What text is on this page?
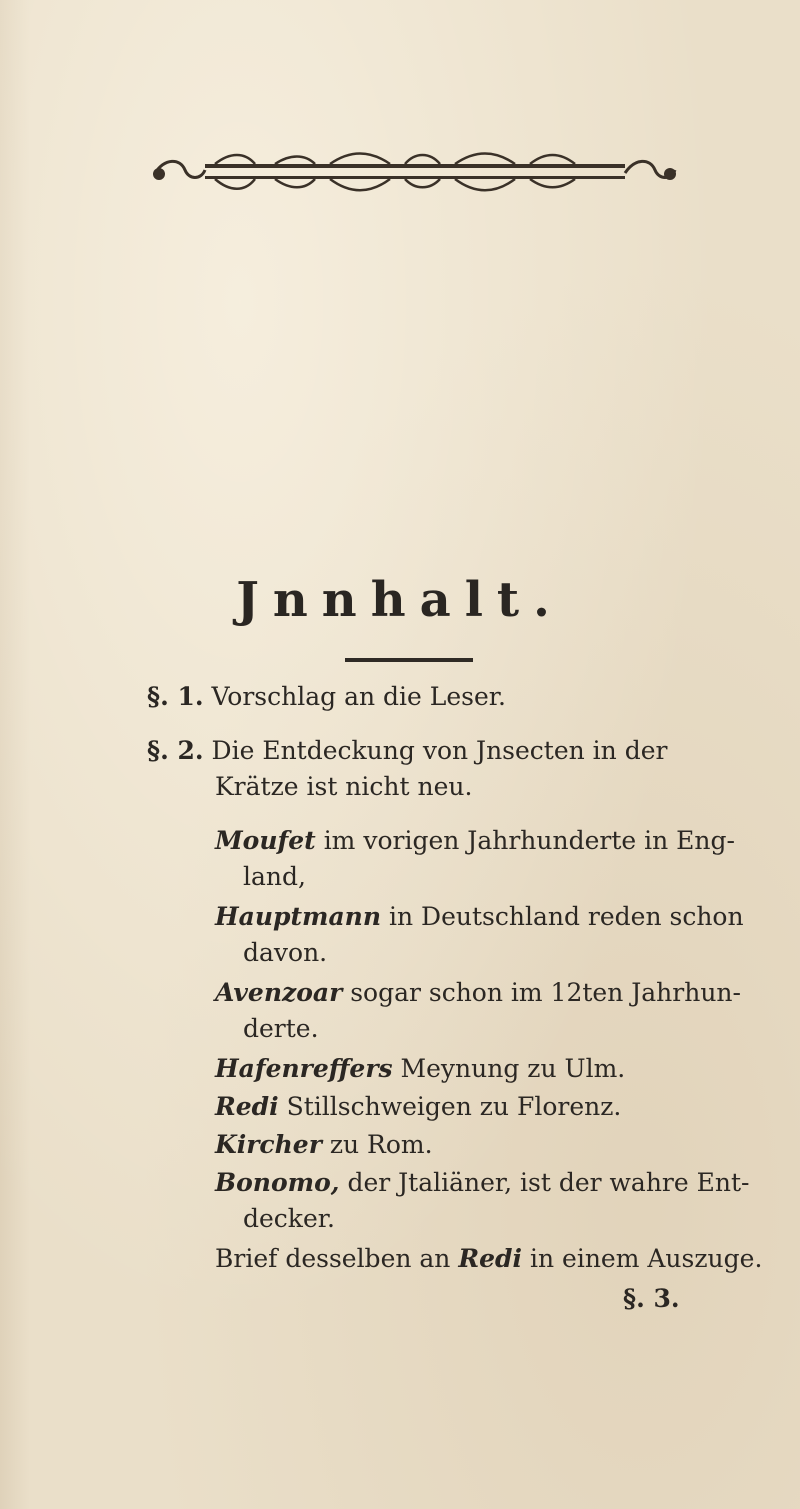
Jnnhalt.
§. 1. Vorschlag an die Leser.
§. 2. Die Entdeckung von Jnsecten in der
Krätze ist nicht neu.
Moufet im vorigen Jahrhunderte in Eng-
land,
Hauptmann in Deutschland reden schon
davon.
Avenzoar sogar schon im 12ten Jahrhun-
derte.
Hafenreffers Meynung zu Ulm.
Redi Stillschweigen zu Florenz.
Kircher zu Rom.
Bonomo, der Jtaliäner, ist der wahre Ent-
decker.
Brief desselben an Redi in einem Auszuge.
§. 3.
